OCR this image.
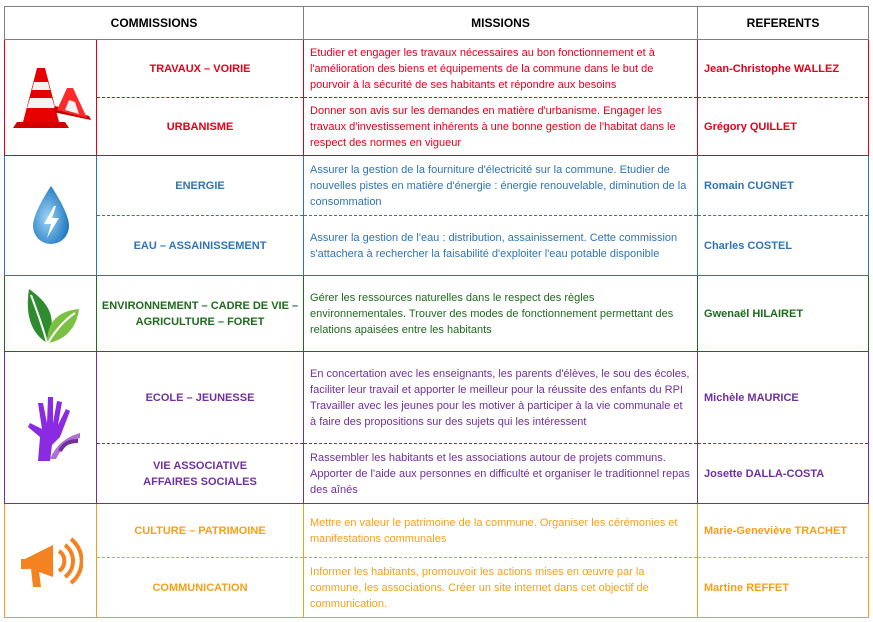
COMMISSIONS		MISSIONS	REFERENTS

	TRAVAUX – VOIRIE	Etudier et engager les travaux nécessaires au bon fonctionnement et à l'amélioration des biens et équipements de la commune dans le but de pourvoir à la sécurité de ses habitants et répondre aux besoins	Jean-Christophe WALLEZ
	URBANISME	Donner son avis sur les demandes en matière d'urbanisme. Engager les travaux d'investissement inhérents à une bonne gestion de l'habitat dans le respect des normes en vigueur	Grégory QUILLET

	ENERGIE	Assurer la gestion de la fourniture d'électricité sur la commune. Etudier de nouvelles pistes en matière d'énergie : énergie renouvelable, diminution de la consommation	Romain CUGNET
	EAU – ASSAINISSEMENT	Assurer la gestion de l'eau : distribution, assainissement. Cette commission s'attachera à rechercher la faisabilité d'exploiter l'eau potable disponible	Charles COSTEL

	ENVIRONNEMENT – CADRE DE VIE – AGRICULTURE – FORET	Gérer les ressources naturelles dans le respect des règles environnementales. Trouver des modes de fonctionnement permettant des relations apaisées entre les habitants	Gwenaël HILAIRET

	ECOLE – JEUNESSE	En concertation avec les enseignants, les parents d'élèves, le sou des écoles, faciliter leur travail et apporter le meilleur pour la réussite des enfants du RPI
Travailler avec les jeunes pour les motiver à participer à la vie communale et à faire des propositions sur des sujets qui les intéressent	Michèle MAURICE
	VIE ASSOCIATIVE
AFFAIRES SOCIALES	Rassembler les habitants et les associations autour de projets communs. Apporter de l'aide aux personnes en difficulté et organiser le traditionnel repas des aînés	Josette DALLA-COSTA

	CULTURE – PATRIMOINE	Mettre en valeur le patrimoine de la commune. Organiser les cérémonies et manifestations communales	Marie-Geneviève TRACHET
	COMMUNICATION	Informer les habitants, promouvoir les actions mises en œuvre par la commune, les associations. Créer un site internet dans cet objectif de communication.	Martine REFFET
